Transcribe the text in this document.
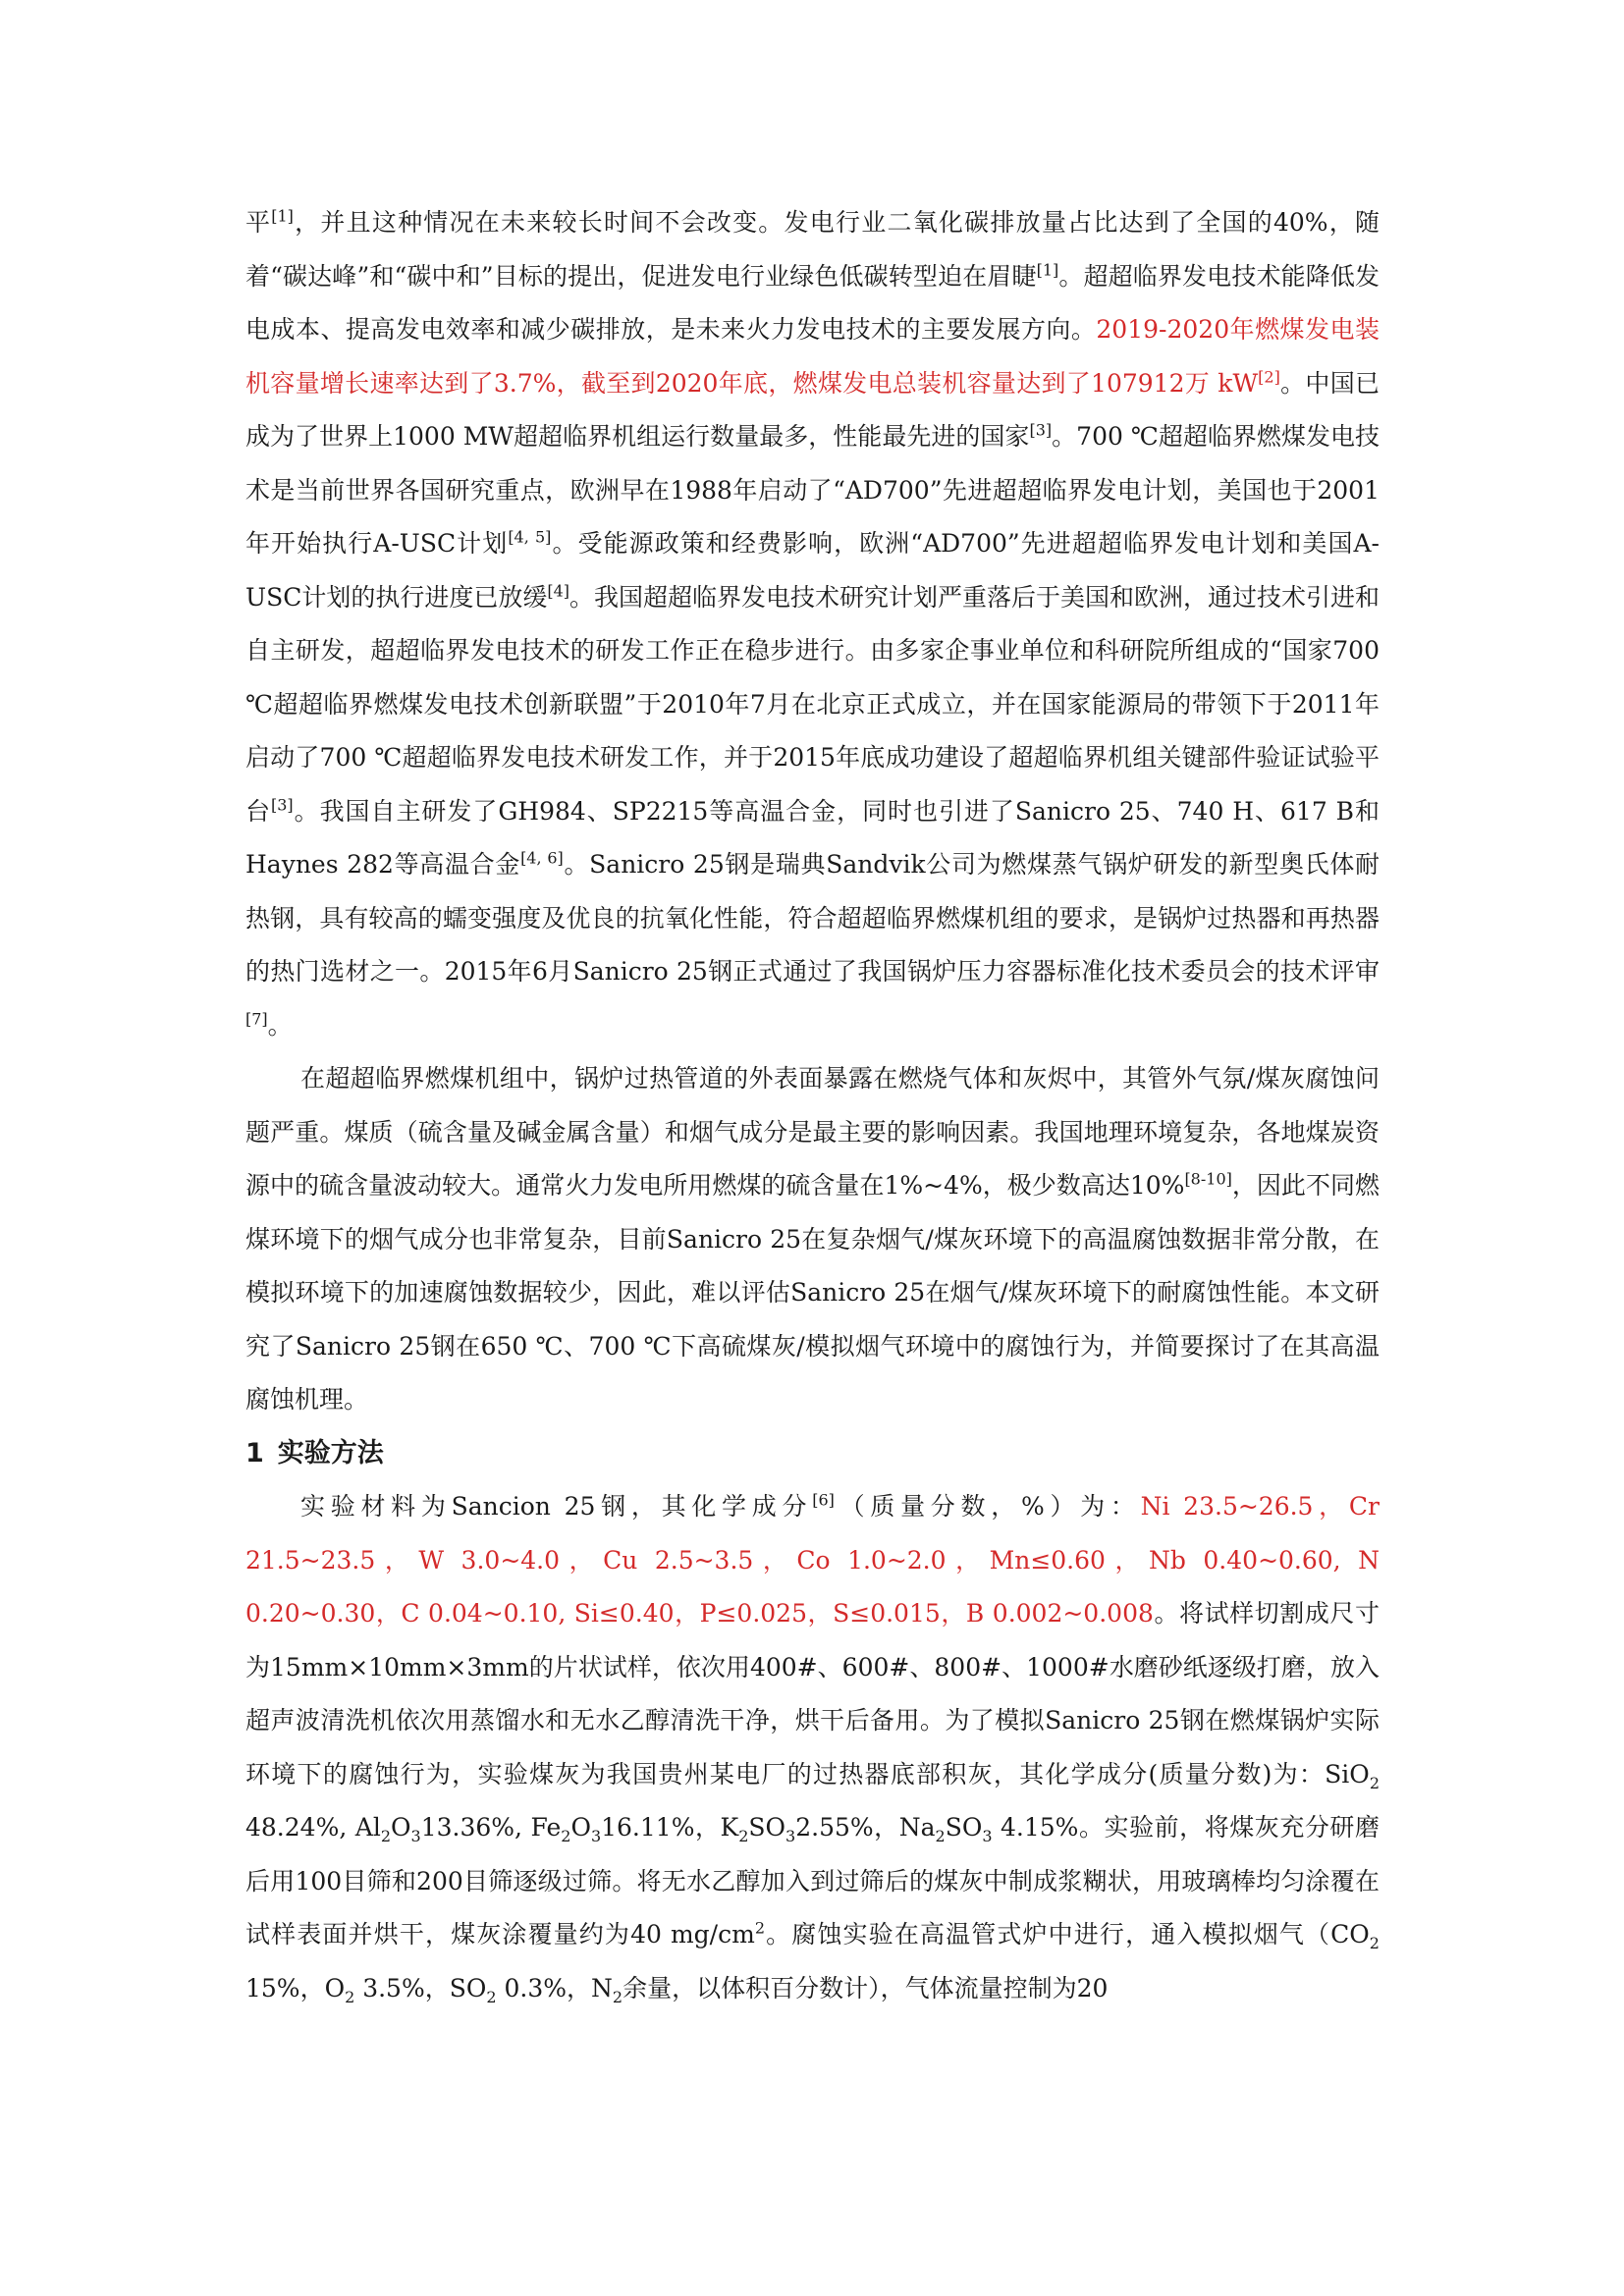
平[1]，并且这种情况在未来较长时间不会改变。发电行业二氧化碳排放量占比达到了全国的40%，随着“碳达峰”和“碳中和”目标的提出，促进发电行业绿色低碳转型迫在眉睫[1]。超超临界发电技术能降低发电成本、提高发电效率和减少碳排放，是未来火力发电技术的主要发展方向。2019-2020年燃煤发电装机容量增长速率达到了3.7%，截至到2020年底，燃煤发电总装机容量达到了107912万 kW[2]。中国已成为了世界上1000 MW超超临界机组运行数量最多，性能最先进的国家[3]。700 ℃超超临界燃煤发电技术是当前世界各国研究重点，欧洲早在1988年启动了“AD700”先进超超临界发电计划，美国也于2001年开始执行A-USC计划[4, 5]。受能源政策和经费影响，欧洲“AD700”先进超超临界发电计划和美国A-USC计划的执行进度已放缓[4]。我国超超临界发电技术研究计划严重落后于美国和欧洲，通过技术引进和自主研发，超超临界发电技术的研发工作正在稳步进行。由多家企事业单位和科研院所组成的“国家700 ℃超超临界燃煤发电技术创新联盟”于2010年7月在北京正式成立，并在国家能源局的带领下于2011年启动了700 ℃超超临界发电技术研发工作，并于2015年底成功建设了超超临界机组关键部件验证试验平台[3]。我国自主研发了GH984、SP2215等高温合金，同时也引进了Sanicro 25、740 H、617 B和Haynes 282等高温合金[4, 6]。Sanicro 25钢是瑞典Sandvik公司为燃煤蒸气锅炉研发的新型奥氏体耐热钢，具有较高的蠕变强度及优良的抗氧化性能，符合超超临界燃煤机组的要求，是锅炉过热器和再热器的热门选材之一。2015年6月Sanicro 25钢正式通过了我国锅炉压力容器标准化技术委员会的技术评审[7]。

在超超临界燃煤机组中，锅炉过热管道的外表面暴露在燃烧气体和灰烬中，其管外气氛/煤灰腐蚀问题严重。煤质（硫含量及碱金属含量）和烟气成分是最主要的影响因素。我国地理环境复杂，各地煤炭资源中的硫含量波动较大。通常火力发电所用燃煤的硫含量在1%~4%，极少数高达10%[8-10]，因此不同燃煤环境下的烟气成分也非常复杂，目前Sanicro 25在复杂烟气/煤灰环境下的高温腐蚀数据非常分散，在模拟环境下的加速腐蚀数据较少，因此，难以评估Sanicro 25在烟气/煤灰环境下的耐腐蚀性能。本文研究了Sanicro 25钢在650 ℃、700 ℃下高硫煤灰/模拟烟气环境中的腐蚀行为，并简要探讨了在其高温腐蚀机理。

1 实验方法

实验材料为Sancion 25钢，其化学成分[6]（质量分数，%）为：Ni 23.5~26.5，Cr 21.5~23.5，W 3.0~4.0，Cu 2.5~3.5，Co 1.0~2.0，Mn≤0.60，Nb 0.40~0.60, N 0.20~0.30，C 0.04~0.10, Si≤0.40，P≤0.025，S≤0.015，B 0.002~0.008。将试样切割成尺寸为15mm×10mm×3mm的片状试样，依次用400#、600#、800#、1000#水磨砂纸逐级打磨，放入超声波清洗机依次用蒸馏水和无水乙醇清洗干净，烘干后备用。为了模拟Sanicro 25钢在燃煤锅炉实际环境下的腐蚀行为，实验煤灰为我国贵州某电厂的过热器底部积灰，其化学成分(质量分数)为：SiO$_2$ 48.24%, $Al_2O_313.36\%$, $Fe_2O_316.11\%$，$K_2SO_32.55\%$，$Na_2SO_3$ 4.15%。实验前，将煤灰充分研磨后用100目筛和200目筛逐级过筛。将无水乙醇加入到过筛后的煤灰中制成浆糊状，用玻璃棒均匀涂覆在试样表面并烘干，煤灰涂覆量约为40 $mg/cm^2$。腐蚀实验在高温管式炉中进行，通入模拟烟气（$CO_2$ 15%，$O_2$ 3.5%，$SO_2$ 0.3%，$N_2$余量，以体积百分数计），气体流量控制为20
